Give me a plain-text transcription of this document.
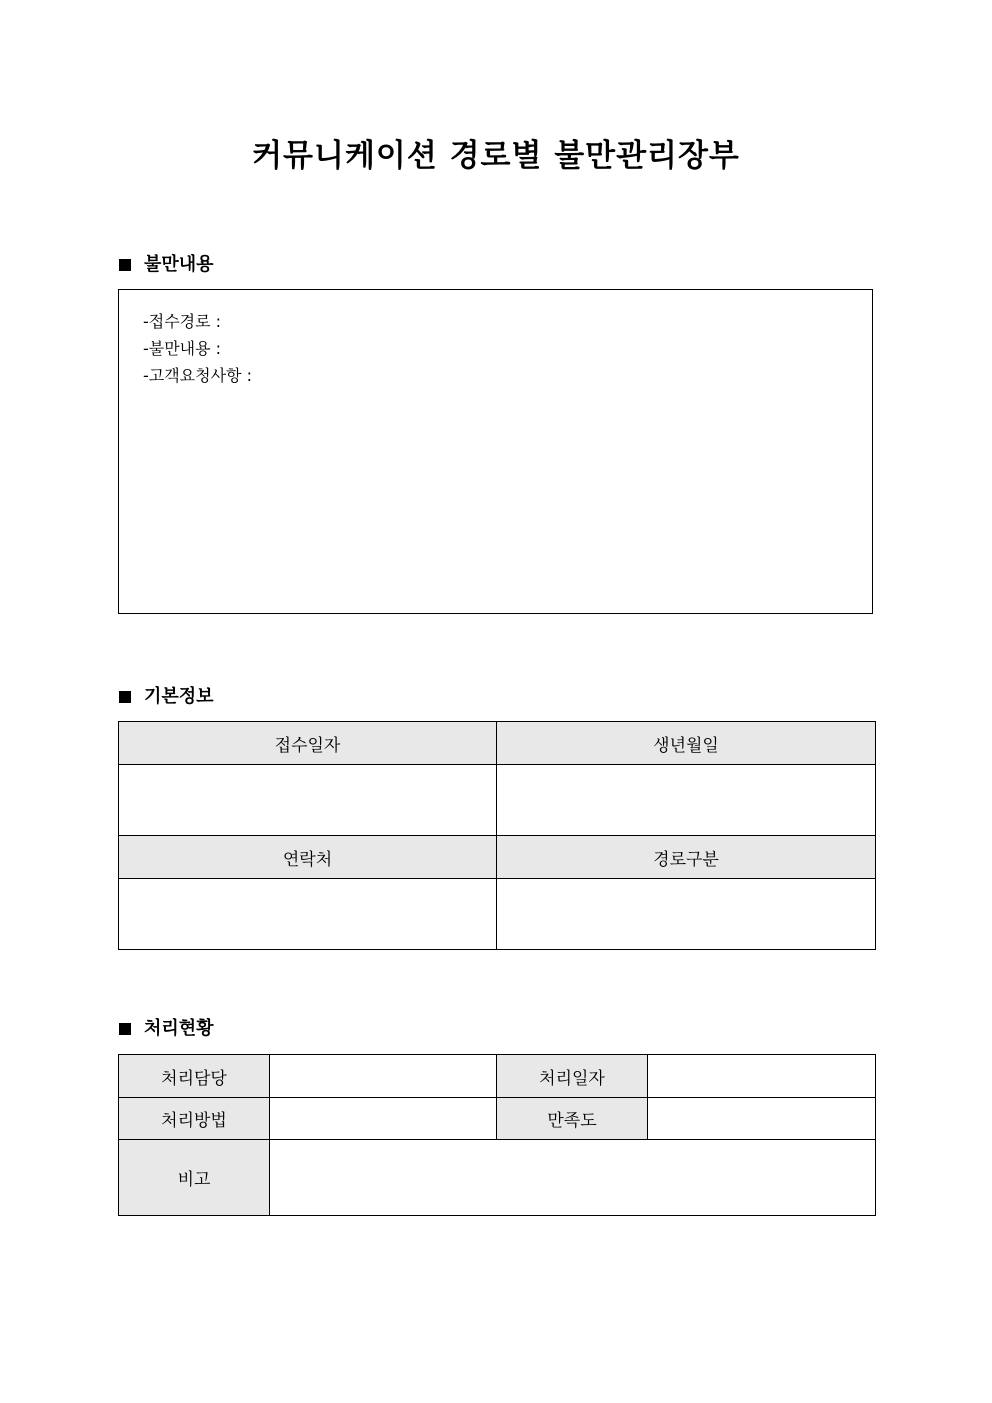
커뮤니케이션 경로별 불만관리장부
불만내용
-접수경로 :
-불만내용 :
-고객요청사항 :
기본정보
접수일자	생년월일

연락처	경로구분

처리현황
처리담당		처리일자	
처리방법		만족도	
비고			
